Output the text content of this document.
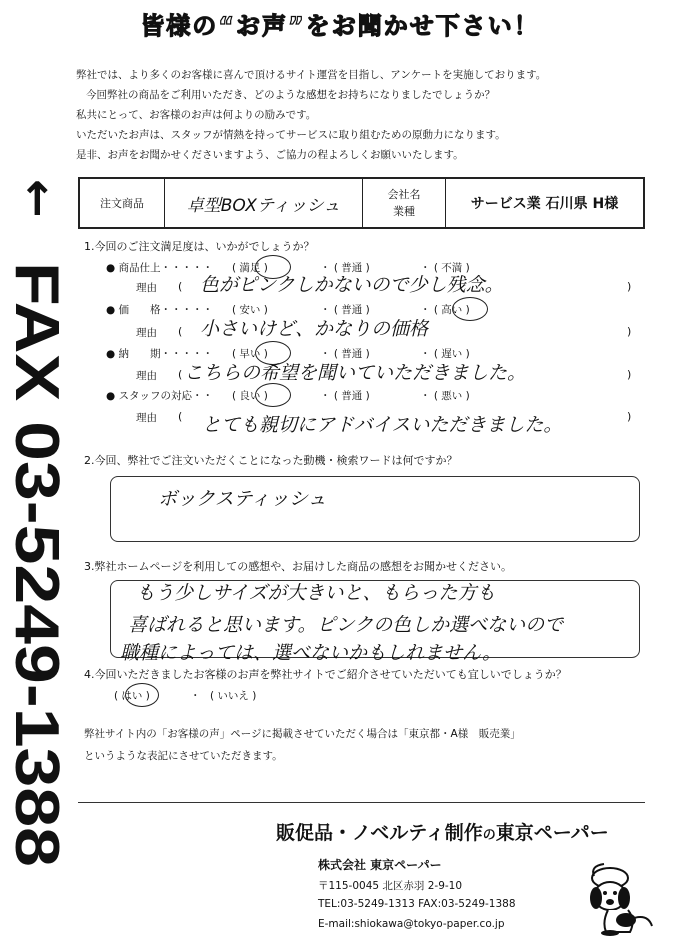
皆様の“お声”をお聞かせ下さい！
弊社では、より多くのお客様に喜んで頂けるサイト運営を目指し、アンケートを実施しております。
今回弊社の商品をご利用いただき、どのような感想をお持ちになりましたでしょうか？
私共にとって、お客様のお声は何よりの励みです。
いただいたお声は、スタッフが情熱を持ってサービスに取り組むための原動力になります。
是非、お声をお聞かせくださいますよう、ご協力の程よろしくお願いいたします。
↑
FAX 03-5249-1388
注文商品	卓型BOXティッシュ
会社名
業種	サービス業 石川県 H様
1.今回のご注文満足度は、いかがでしょうか？
● 商品仕上・・・・・ ( 満足 )	・ ( 普通 )	・ ( 不満 )
理由 (	)
色がピンクしかないので少し残念。
● 価　　格・・・・・ ( 安い )	・ ( 普通 )	・ ( 高い )
理由 (	)
小さいけど、かなりの価格
● 納　　期・・・・・ ( 早い )	・ ( 普通 )	・ ( 遅い )
理由 (	)
こちらの希望を聞いていただきました。
● スタッフの対応・・ ( 良い )	・ ( 普通 )	・ ( 悪い )
理由 (	)
とても親切にアドバイスいただきました。
2.今回、弊社でご注文いただくことになった動機・検索ワードは何ですか？
ボックスティッシュ
3.弊社ホームページを利用しての感想や、お届けした商品の感想をお聞かせください。
もう少しサイズが大きいと、もらった方も
喜ばれると思います。ピンクの色しか選べないので
職種によっては、選べないかもしれません。
4.今回いただきましたお客様のお声を弊社サイトでご紹介させていただいても宜しいでしょうか？
( はい )	・ ( いいえ )
弊社サイト内の「お客様の声」ページに掲載させていただく場合は「東京都・A様　販売業」
というような表記にさせていただきます。
販促品・ノベルティ制作の東京ペーパー
株式会社 東京ペーパー
〒115-0045 北区赤羽 2-9-10
TEL:03-5249-1313 FAX:03-5249-1388
E-mail:shiokawa@tokyo-paper.co.jp
